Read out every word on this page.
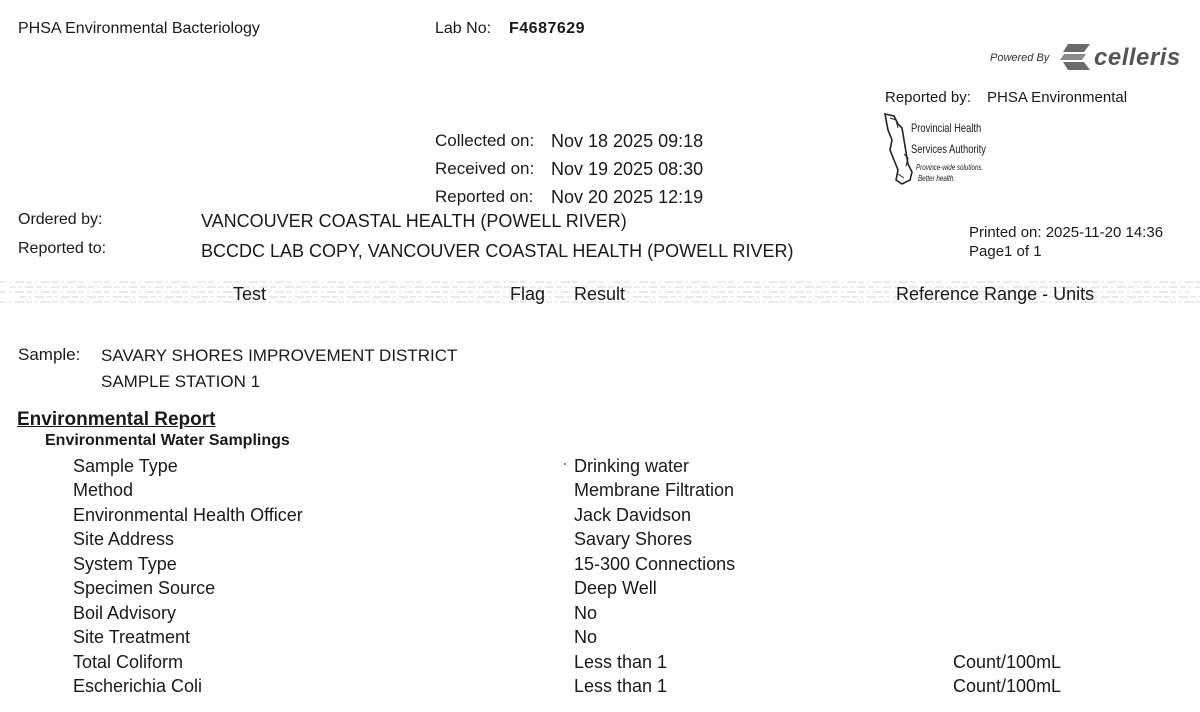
PHSA Environmental Bacteriology	Lab No: F4687629
Powered By celleris
Reported by: PHSA Environmental
Provincial Health
Services Authority
Province-wide solutions.
Better health.
Collected on: Nov 18 2025 09:18
Received on: Nov 19 2025 08:30
Reported on: Nov 20 2025 12:19
Ordered by:	VANCOUVER COASTAL HEALTH (POWELL RIVER)
Reported to:	BCCDC LAB COPY, VANCOUVER COASTAL HEALTH (POWELL RIVER)
Printed on: 2025-11-20 14:36
Page1 of 1
Test	Flag Result	Reference Range - Units
Sample: SAVARY SHORES IMPROVEMENT DISTRICT
SAMPLE STATION 1
Environmental Report
Environmental Water Samplings
Sample Type	Drinking water
Method	Membrane Filtration
Environmental Health Officer	Jack Davidson
Site Address	Savary Shores
System Type	15-300 Connections
Specimen Source	Deep Well
Boil Advisory	No
Site Treatment	No
Total Coliform	Less than 1	Count/100mL
Escherichia Coli	Less than 1	Count/100mL
